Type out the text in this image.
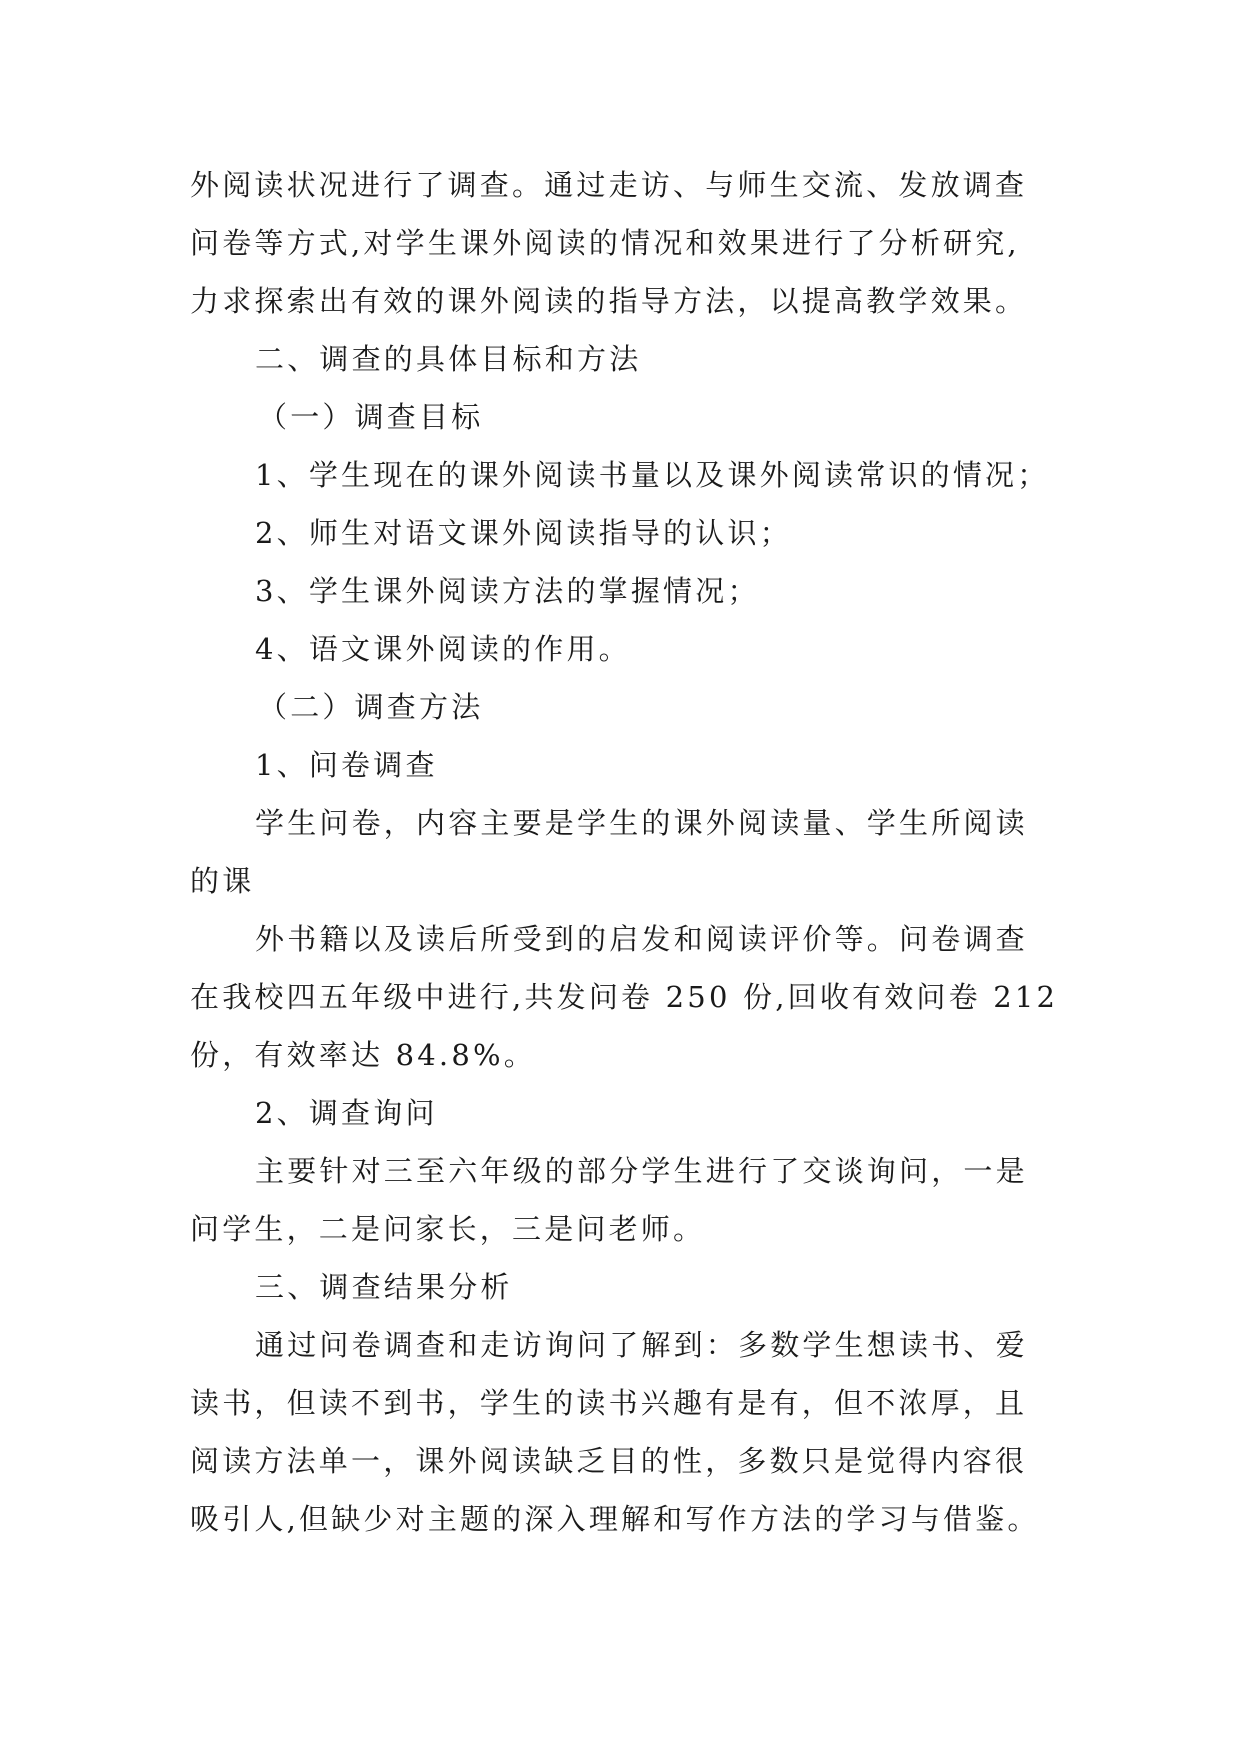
外阅读状况进行了调查。通过走访、与师生交流、发放调查
问卷等方式,对学生课外阅读的情况和效果进行了分析研究,
力求探索出有效的课外阅读的指导方法，以提高教学效果。
二、调查的具体目标和方法
（一）调查目标
1、学生现在的课外阅读书量以及课外阅读常识的情况；
2、师生对语文课外阅读指导的认识；
3、学生课外阅读方法的掌握情况；
4、语文课外阅读的作用。
（二）调查方法
1、问卷调查
学生问卷，内容主要是学生的课外阅读量、学生所阅读
的课
外书籍以及读后所受到的启发和阅读评价等。问卷调查
在我校四五年级中进行,共发问卷 250 份,回收有效问卷 212
份，有效率达 84.8%。
2、调查询问
主要针对三至六年级的部分学生进行了交谈询问，一是
问学生，二是问家长，三是问老师。
三、调查结果分析
通过问卷调查和走访询问了解到：多数学生想读书、爱
读书，但读不到书，学生的读书兴趣有是有，但不浓厚，且
阅读方法单一，课外阅读缺乏目的性，多数只是觉得内容很
吸引人,但缺少对主题的深入理解和写作方法的学习与借鉴。
